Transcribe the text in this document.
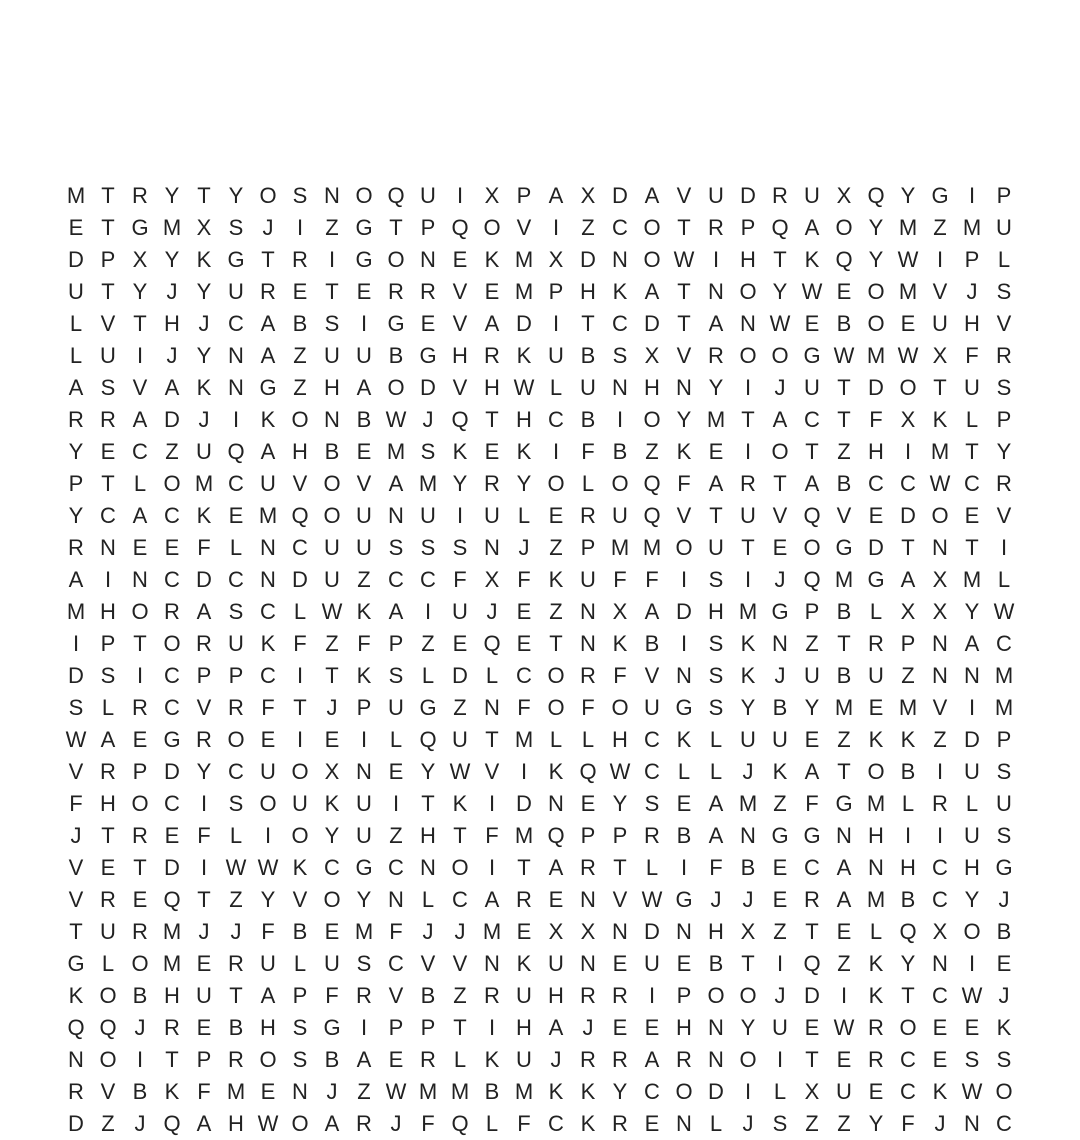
M T R Y T Y O S N O Q U I X P A X D A V U D R U X Q Y G I P
E T G M X S J	I	Z G T P Q O V I	Z C O T R P Q A O Y M Z M U
D P X Y K G T R I G O N E K M X D N O W I H T K Q Y W I P L
U T Y J Y U R E T E R R V E M P H K A T N O Y W E O M V J S
L V T H J C A B S I G E V A D I	T C D T A N W E B O E U H V
L U I	J Y N A Z U U B G H R K U B S X V R O O G W M W X F R
A S V A K N G Z H A O D V H W L U N H N Y I	J U T D O T U S
R R A D J	I K O N B W J Q T H C B I O Y M T A C T F X K L P
Y E C Z U Q A H B E M S K E K I	F B Z K E I O T Z H I M T Y
P T L O M C U V O V A M Y R Y O L O Q F A R T A B C C W C R
Y C A C K E M Q O U N U I U L E R U Q V T U V Q V E D O E V
R N E E F L N C U U S S S N J Z P M M O U T E O G D T N T	I
A I N C D C N D U Z C C F X F K U F F	I S I	J Q M G A X M L
M H O R A S C L W K A I U J E Z N X A D H M G P B L X X Y W
I P T O R U K F Z F P Z E Q E T N K B I S K N Z T R P N A C
D S I C P P C I	T K S L D L C O R F V N S K J U B U Z N N M
S L R C V R F T J P U G Z N F O F O U G S Y B Y M E M V I M
W A E G R O E I E I	L Q U T M L L H C K L U U E Z K K Z D P
V R P D Y C U O X N E Y W V I K Q W C L L J K A T O B I U S
F H O C I S O U K U I	T K I D N E Y S E A M Z F G M L R L U
J T R E F L	I O Y U Z H T F M Q P P R B A N G G N H I	I U S
V E T D I W W K C G C N O I	T A R T L	I	F B E C A N H C H G
V R E Q T Z Y V O Y N L C A R E N V W G J J E R A M B C Y J
T U R M J J F B E M F J J M E X X N D N H X Z T E L Q X O B
G L O M E R U L U S C V V N K U N E U E B T	I Q Z K Y N I E
K O B H U T A P F R V B Z R U H R R I P O O J D I K T C W J
Q Q J R E B H S G I P P T	I H A J E E H N Y U E W R O E E K
N O I	T P R O S B A E R L K U J R R A R N O I	T E R C E S S
R V B K F M E N J Z W M M B M K K Y C O D I	L X U E C K W O
D Z J Q A H W O A R J F Q L F C K R E N L J S Z Z Y F J N C
